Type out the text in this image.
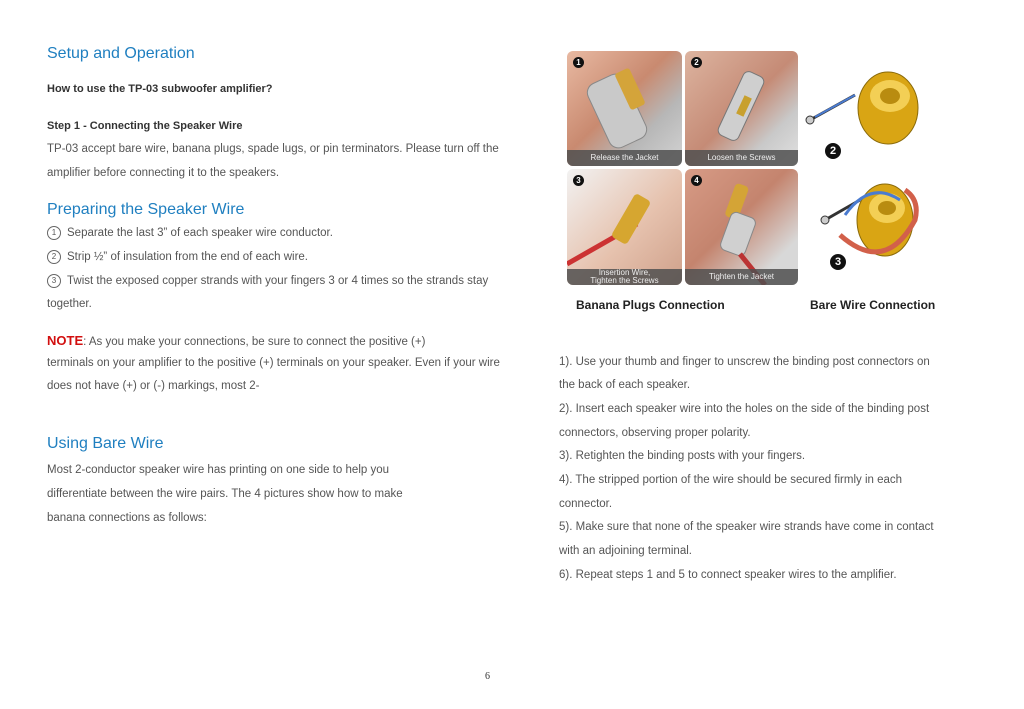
Setup and Operation
How to use the TP-03 subwoofer amplifier?
Step 1 - Connecting the Speaker Wire
TP-03 accept bare wire, banana plugs, spade lugs, or pin terminators. Please turn off the
amplifier before connecting it to the speakers.
Preparing the Speaker Wire
1 Separate the last 3” of each speaker wire conductor.
2 Strip ½” of insulation from the end of each wire.
3 Twist the exposed copper strands with your fingers 3 or 4 times so the strands stay
together.
NOTE: As you make your connections, be sure to connect the positive (+)
terminals on your amplifier to the positive (+) terminals on your speaker. Even if your wire
does not have (+) or (-) markings, most 2-
Using Bare Wire
Most 2-conductor speaker wire has printing on one side to help you
differentiate between the wire pairs. The 4 pictures show how to make
banana connections as follows:
1
Release the Jacket
2
Loosen the Screws
3
Insertion Wire,
Tighten the Screws
4
Tighten the Jacket
2
3
Banana Plugs Connection	Bare Wire Connection
1). Use your thumb and finger to unscrew the binding post connectors on
the back of each speaker.
2). Insert each speaker wire into the holes on the side of the binding post
connectors, observing proper polarity.
3). Retighten the binding posts with your fingers.
4). The stripped portion of the wire should be secured firmly in each
connector.
5). Make sure that none of the speaker wire strands have come in contact
with an adjoining terminal.
6). Repeat steps 1 and 5 to connect speaker wires to the amplifier.
6
